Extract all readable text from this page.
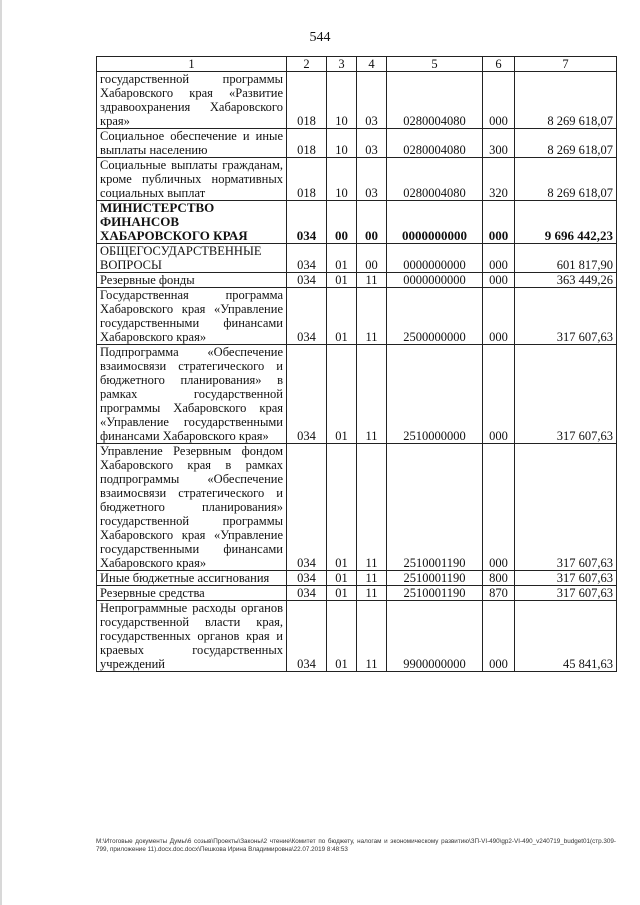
544
1	2	3	4	5	6	7
государственной программы Хабаровского края «Развитие здравоохранения Хабаровского края»	018	10	03	0280004080	000	8 269 618,07
Социальное обеспечение и иные выплаты населению	018	10	03	0280004080	300	8 269 618,07
Социальные выплаты гражданам, кроме публичных нормативных социальных выплат	018	10	03	0280004080	320	8 269 618,07
МИНИСТЕРСТВО ФИНАНСОВ ХАБАРОВСКОГО КРАЯ	034	00	00	0000000000	000	9 696 442,23
ОБЩЕГОСУДАРСТВЕННЫЕ ВОПРОСЫ	034	01	00	0000000000	000	601 817,90
Резервные фонды	034	01	11	0000000000	000	363 449,26
Государственная программа Хабаровского края «Управление государственными финансами Хабаровского края»	034	01	11	2500000000	000	317 607,63
Подпрограмма «Обеспечение взаимосвязи стратегического и бюджетного планирования» в рамках государственной программы Хабаровского края «Управление государственными финансами Хабаровского края»	034	01	11	2510000000	000	317 607,63
Управление Резервным фондом Хабаровского края в рамках подпрограммы «Обеспечение взаимосвязи стратегического и бюджетного планирования» государственной программы Хабаровского края «Управление государственными финансами Хабаровского края»	034	01	11	2510001190	000	317 607,63
Иные бюджетные ассигнования	034	01	11	2510001190	800	317 607,63
Резервные средства	034	01	11	2510001190	870	317 607,63
Непрограммные расходы органов государственной власти края, государственных органов края и краевых государственных учреждений	034	01	11	9900000000	000	45 841,63
М:\Итоговые документы Думы\6 созыв\Проекты\Законы\2 чтение\Комитет по бюджету, налогам и экономическому развитию\ЗП-VI-490\gp2-VI-490_v240719_budget01(стр.309-799, приложение 11).docx.doc.docx\Пешкова Ирина Владимировна\22.07.2019 8:48:53
